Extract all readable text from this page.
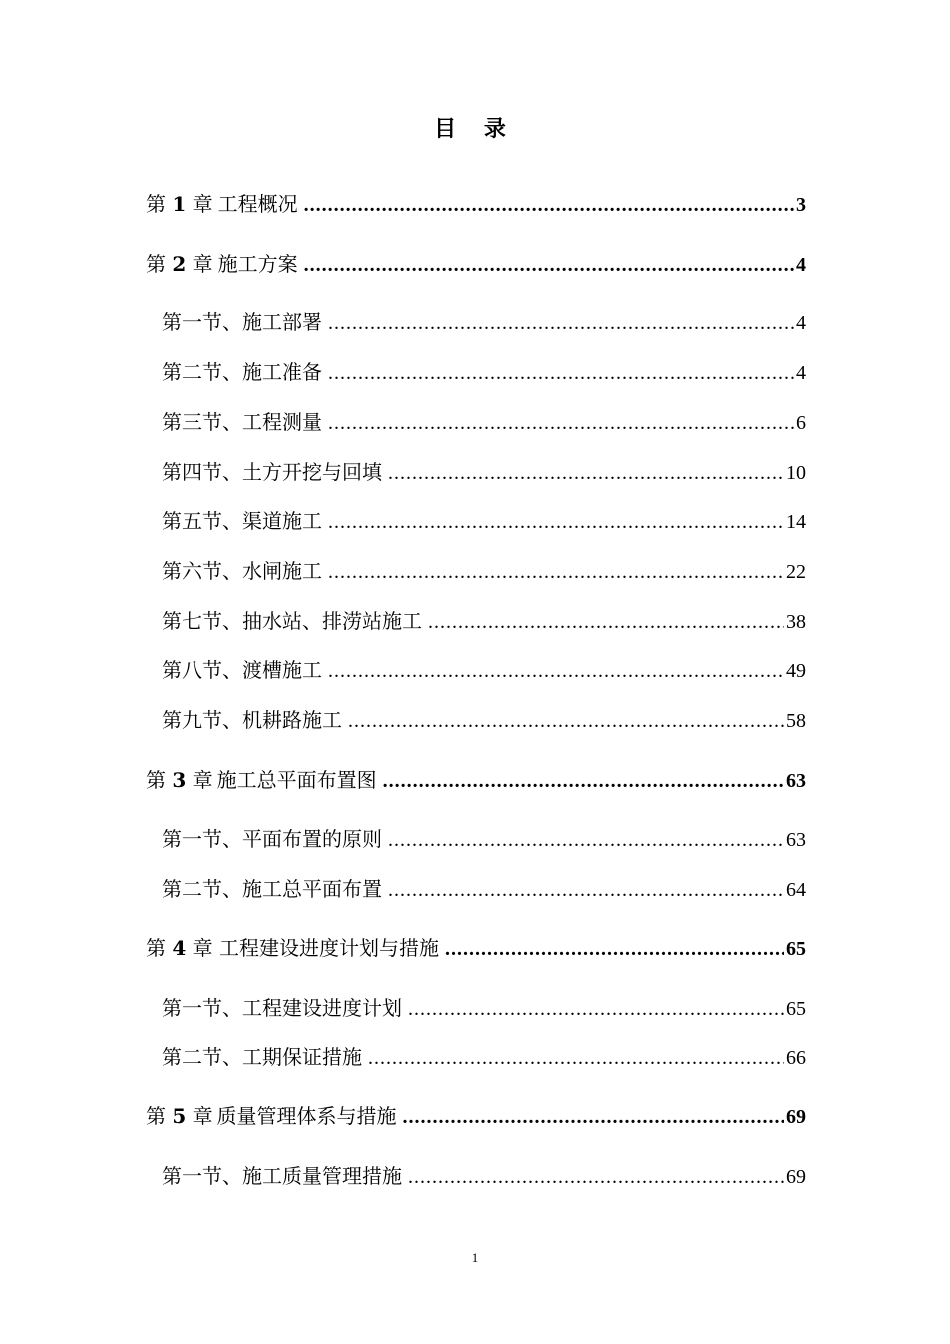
目 录
第 1 章 工程概况 .....	3
第 2 章 施工方案 .....	4
第一节、施工部署 .....	4
第二节、施工准备 .....	4
第三节、工程测量 .....	6
第四节、土方开挖与回填 .....	10
第五节、渠道施工 .....	14
第六节、水闸施工 .....	22
第七节、抽水站、排涝站施工 .....	38
第八节、渡槽施工 .....	49
第九节、机耕路施工 .....	58
第 3 章 施工总平面布置图 .....	63
第一节、平面布置的原则 .....	63
第二节、施工总平面布置 .....	64
第 4 章 工程建设进度计划与措施 .....	65
第一节、工程建设进度计划 .....	65
第二节、工期保证措施 .....	66
第 5 章 质量管理体系与措施 .....	69
第一节、施工质量管理措施 .....	69
1
